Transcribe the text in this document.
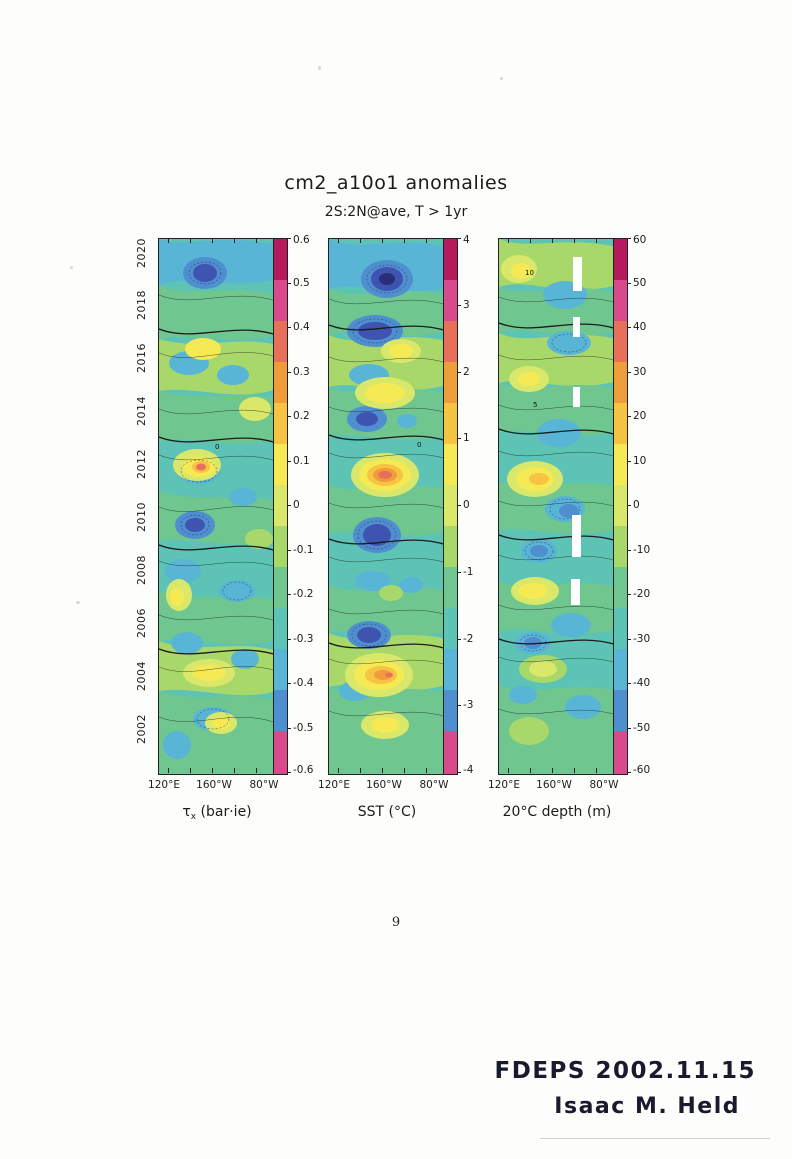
cm2_a10o1 anomalies
2S:2N@ave, T > 1yr
2002
2004
2006
2008
2010
2012
2014
2016
2018
2020
0
120°E 160°W 80°W
$\tau_x$ (bar·ie)
0.6
0.5
0.4
0.3
0.2
0.1
0
-0.1
-0.2
-0.3
-0.4
-0.5
-0.6
0
120°E 160°W 80°W
SST (°C)
4
3
2
1
0
-1
-2
-3
-4
10
5
120°E 160°W 80°W
20°C depth (m)
60
50
40
30
20
10
0
-10
-20
-30
-40
-50
-60
9
FDEPS 2002.11.15
Isaac M. Held
